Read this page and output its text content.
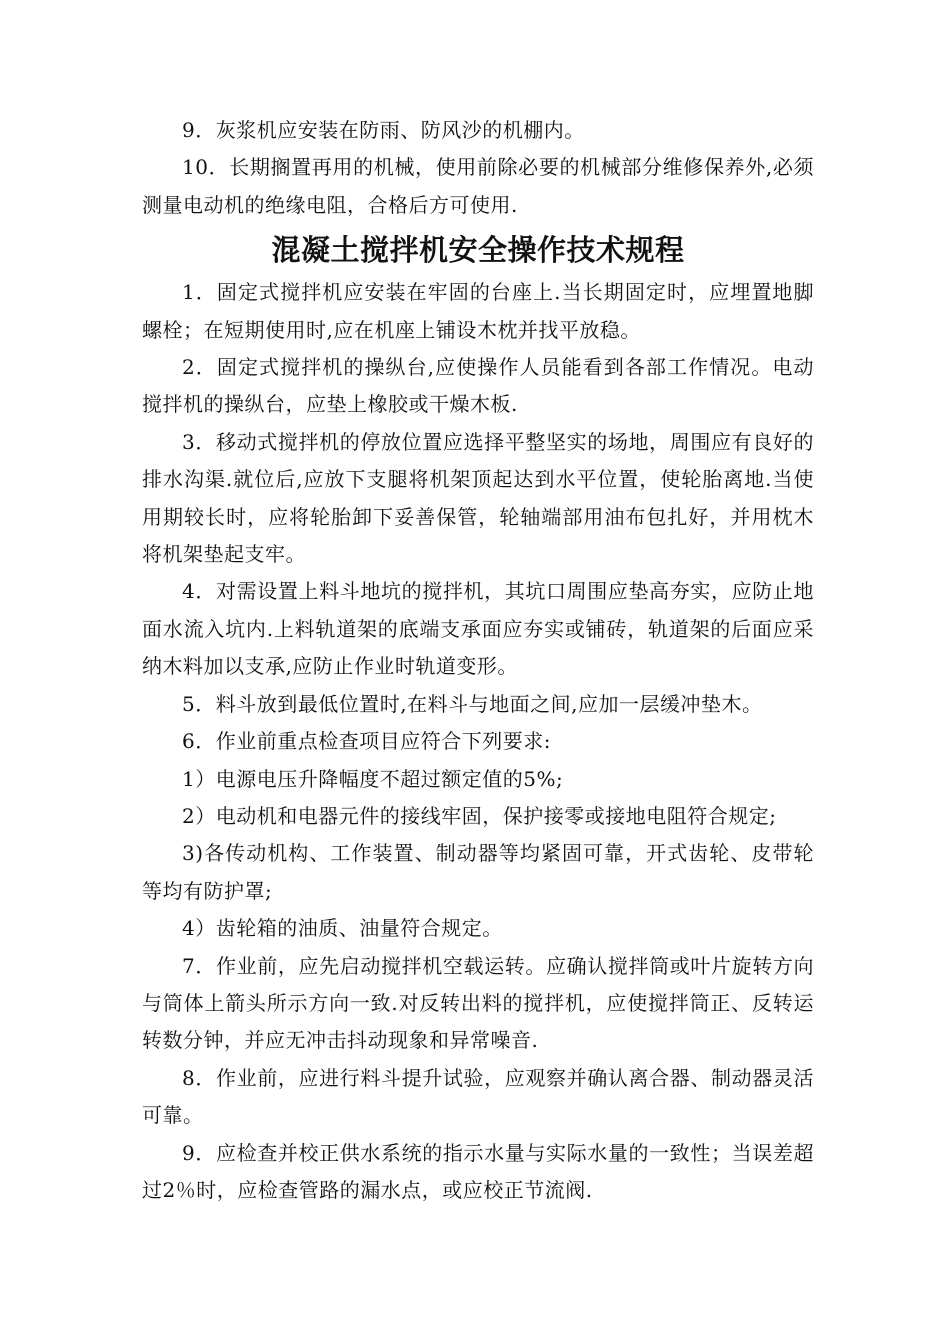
9．灰浆机应安装在防雨、防风沙的机棚内。

10．长期搁置再用的机械，使用前除必要的机械部分维修保养外,必须测量电动机的绝缘电阻，合格后方可使用.

混凝土搅拌机安全操作技术规程

1．固定式搅拌机应安装在牢固的台座上.当长期固定时，应埋置地脚螺栓；在短期使用时,应在机座上铺设木枕并找平放稳。

2．固定式搅拌机的操纵台,应使操作人员能看到各部工作情况。电动搅拌机的操纵台，应垫上橡胶或干燥木板.

3．移动式搅拌机的停放位置应选择平整坚实的场地，周围应有良好的排水沟渠.就位后,应放下支腿将机架顶起达到水平位置，使轮胎离地.当使用期较长时，应将轮胎卸下妥善保管，轮轴端部用油布包扎好，并用枕木将机架垫起支牢。

4．对需设置上料斗地坑的搅拌机，其坑口周围应垫高夯实，应防止地面水流入坑内.上料轨道架的底端支承面应夯实或铺砖，轨道架的后面应采纳木料加以支承,应防止作业时轨道变形。

5．料斗放到最低位置时,在料斗与地面之间,应加一层缓冲垫木。

6．作业前重点检查项目应符合下列要求:

1）电源电压升降幅度不超过额定值的5%;

2）电动机和电器元件的接线牢固，保护接零或接地电阻符合规定;

3)各传动机构、工作装置、制动器等均紧固可靠，开式齿轮、皮带轮等均有防护罩;

4）齿轮箱的油质、油量符合规定。

7．作业前，应先启动搅拌机空载运转。应确认搅拌筒或叶片旋转方向与筒体上箭头所示方向一致.对反转出料的搅拌机，应使搅拌筒正、反转运转数分钟，并应无冲击抖动现象和异常噪音.

8．作业前，应进行料斗提升试验，应观察并确认离合器、制动器灵活可靠。

9．应检查并校正供水系统的指示水量与实际水量的一致性；当误差超过2％时，应检查管路的漏水点，或应校正节流阀.
